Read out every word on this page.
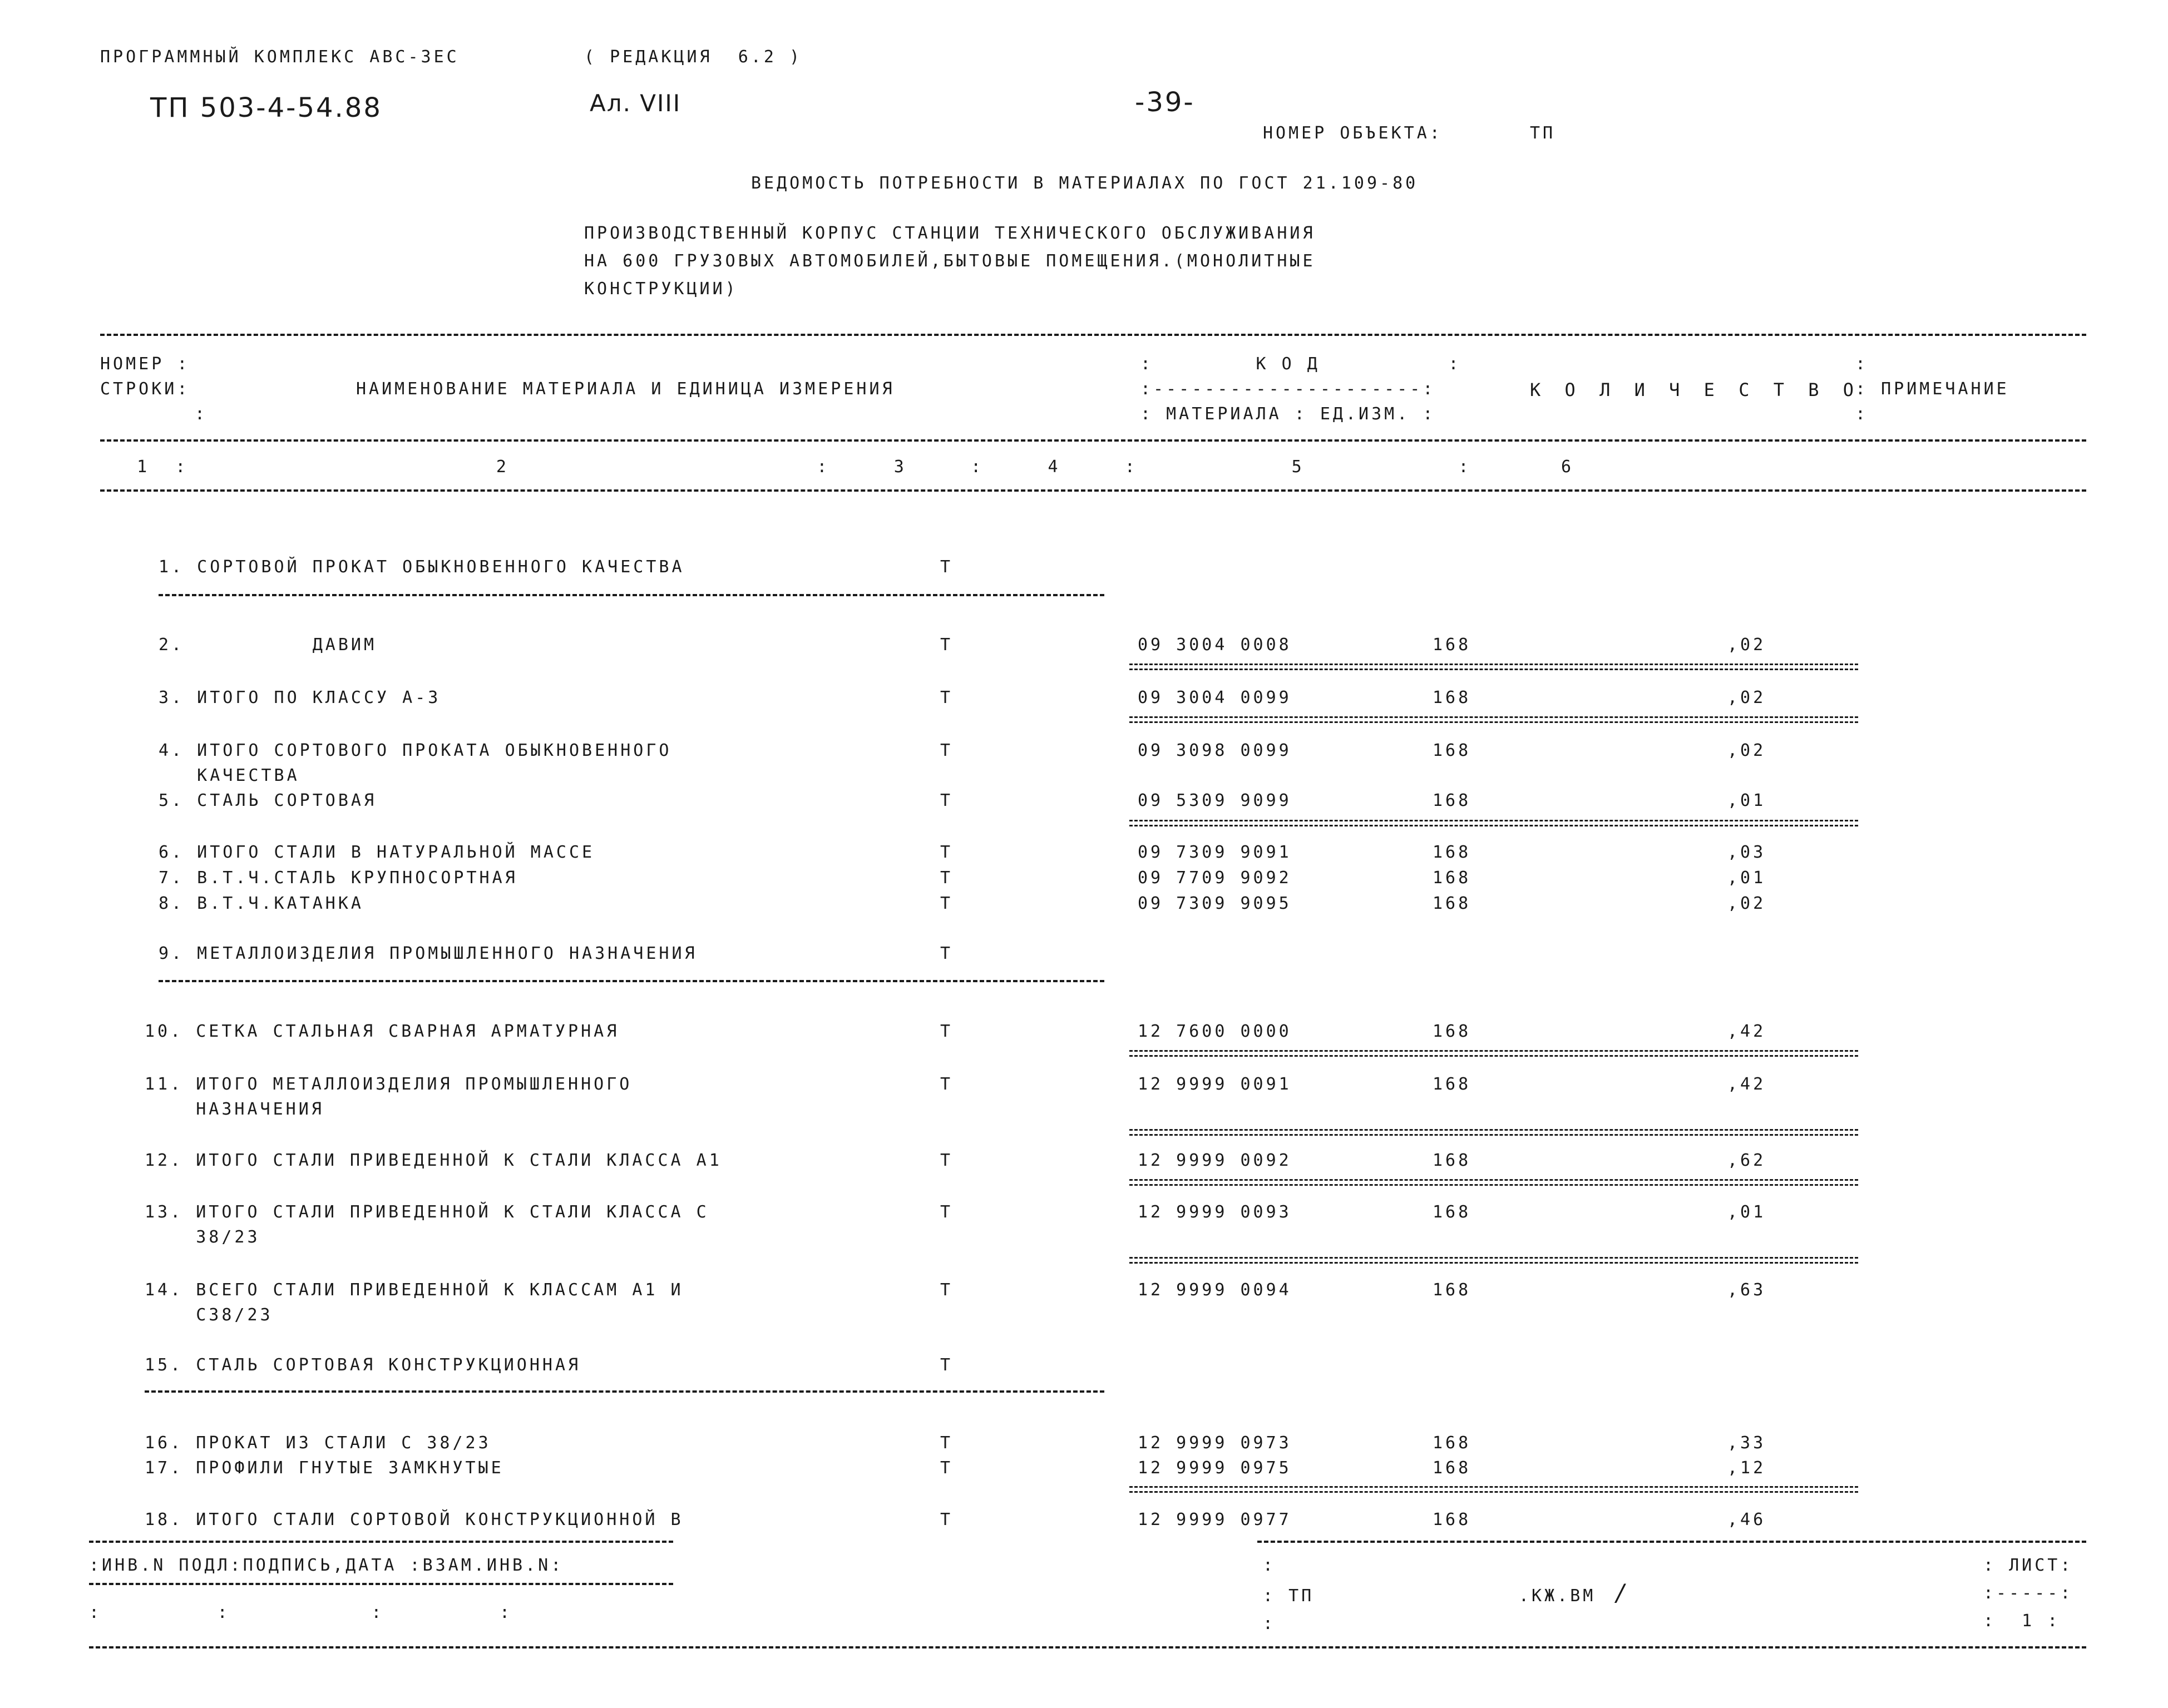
ПРОГРАММНЫЙ КОМПЛЕКС АВС-ЗЕС	( РЕДАКЦИЯ  6.2 )
ТП 503-4-54.88	Ал. VIII	-39-
НОМЕР ОБЪЕКТА:	ТП
ВЕДОМОСТЬ ПОТРЕБНОСТИ В МАТЕРИАЛАХ ПО ГОСТ 21.109-80
ПРОИЗВОДСТВЕННЫЙ КОРПУС СТАНЦИИ ТЕХНИЧЕСКОГО ОБСЛУЖИВАНИЯ
НА 600 ГРУЗОВЫХ АВТОМОБИЛЕЙ,БЫТОВЫЕ ПОМЕЩЕНИЯ.(МОНОЛИТНЫЕ
КОНСТРУКЦИИ)
НОМЕР :
СТРОКИ:
:
НАИМЕНОВАНИЕ МАТЕРИАЛА И ЕДИНИЦА ИЗМЕРЕНИЯ
:        К О Д          :
:---------------------:
: МАТЕРИАЛА : ЕД.ИЗМ. :
К О Л И Ч Е С Т В О
:
: ПРИМЕЧАНИЕ
:
1  :                        2                        :     3     :     4     :            5            :       6
1. СОРТОВОЙ ПРОКАТ ОБЫКНОВЕННОГО КАЧЕСТВА	Т
2.          ДАВИМ	Т	09 3004 0008	168	,02
3. ИТОГО ПО КЛАССУ А-3	Т	09 3004 0099	168	,02
4. ИТОГО СОРТОВОГО ПРОКАТА ОБЫКНОВЕННОГО
КАЧЕСТВА
Т	09 3098 0099	168	,02
5. СТАЛЬ СОРТОВАЯ	Т	09 5309 9099	168	,01
6. ИТОГО СТАЛИ В НАТУРАЛЬНОЙ МАССЕ	Т	09 7309 9091	168	,03
7. В.Т.Ч.СТАЛЬ КРУПНОСОРТНАЯ	Т	09 7709 9092	168	,01
8. В.Т.Ч.КАТАНКА	Т	09 7309 9095	168	,02
9. МЕТАЛЛОИЗДЕЛИЯ ПРОМЫШЛЕННОГО НАЗНАЧЕНИЯ	Т
10. СЕТКА СТАЛЬНАЯ СВАРНАЯ АРМАТУРНАЯ	Т	12 7600 0000	168	,42
11. ИТОГО МЕТАЛЛОИЗДЕЛИЯ ПРОМЫШЛЕННОГО
НАЗНАЧЕНИЯ
Т	12 9999 0091	168	,42
12. ИТОГО СТАЛИ ПРИВЕДЕННОЙ К СТАЛИ КЛАССА А1	Т	12 9999 0092	168	,62
13. ИТОГО СТАЛИ ПРИВЕДЕННОЙ К СТАЛИ КЛАССА С
38/23
Т	12 9999 0093	168	,01
14. ВСЕГО СТАЛИ ПРИВЕДЕННОЙ К КЛАССАМ А1 И
С38/23
Т	12 9999 0094	168	,63
15. СТАЛЬ СОРТОВАЯ КОНСТРУКЦИОННАЯ	Т
16. ПРОКАТ ИЗ СТАЛИ С 38/23	Т	12 9999 0973	168	,33
17. ПРОФИЛИ ГНУТЫЕ ЗАМКНУТЫЕ	Т	12 9999 0975	168	,12
18. ИТОГО СТАЛИ СОРТОВОЙ КОНСТРУКЦИОННОЙ В	Т	12 9999 0977	168	,46
:ИНВ.N ПОДЛ:ПОДПИСЬ,ДАТА :ВЗАМ.ИНВ.N:
:         :           :         :
:
: ТП
:
.КЖ.ВМ /
: ЛИСТ:
:-----:
:  1 :
